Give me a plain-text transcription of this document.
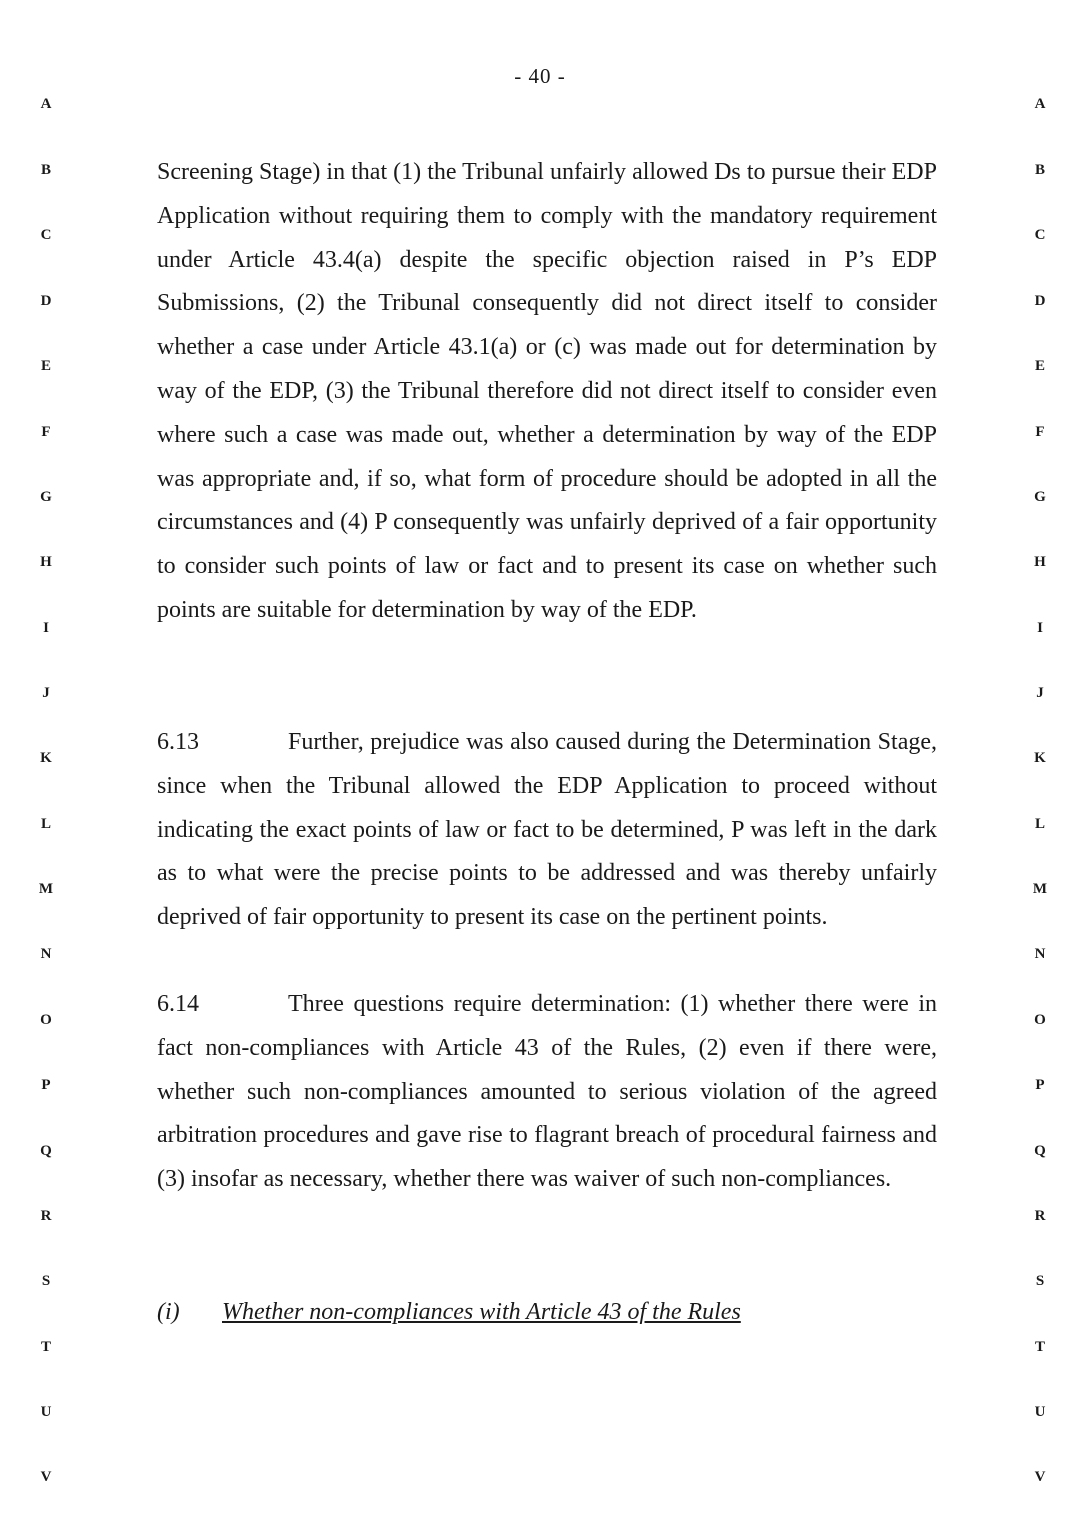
- 40 -
A
B
C
D
E
F
G
H
I
J
K
L
M
N
O
P
Q
R
S
T
U
V
A
B
C
D
E
F
G
H
I
J
K
L
M
N
O
P
Q
R
S
T
U
V

Screening Stage) in that (1) the Tribunal unfairly allowed Ds to pursue their EDP Application without requiring them to comply with the mandatory requirement under Article 43.4(a) despite the specific objection raised in P’s EDP Submissions, (2) the Tribunal consequently did not direct itself to consider whether a case under Article 43.1(a) or (c) was made out for determination by way of the EDP, (3) the Tribunal therefore did not direct itself to consider even where such a case was made out, whether a determination by way of the EDP was appropriate and, if so, what form of procedure should be adopted in all the circumstances and (4) P consequently was unfairly deprived of a fair opportunity to consider such points of law or fact and to present its case on whether such points are suitable for determination by way of the EDP.

6.13	Further, prejudice was also caused during the Determination Stage, since when the Tribunal allowed the EDP Application to proceed without indicating the exact points of law or fact to be determined, P was left in the dark as to what were the precise points to be addressed and was thereby unfairly deprived of fair opportunity to present its case on the pertinent points.

6.14	Three questions require determination: (1) whether there were in fact non-compliances with Article 43 of the Rules, (2) even if there were, whether such non-compliances amounted to serious violation of the agreed arbitration procedures and gave rise to flagrant breach of procedural fairness and (3) insofar as necessary, whether there was waiver of such non-compliances.

(i) Whether non-compliances with Article 43 of the Rules
